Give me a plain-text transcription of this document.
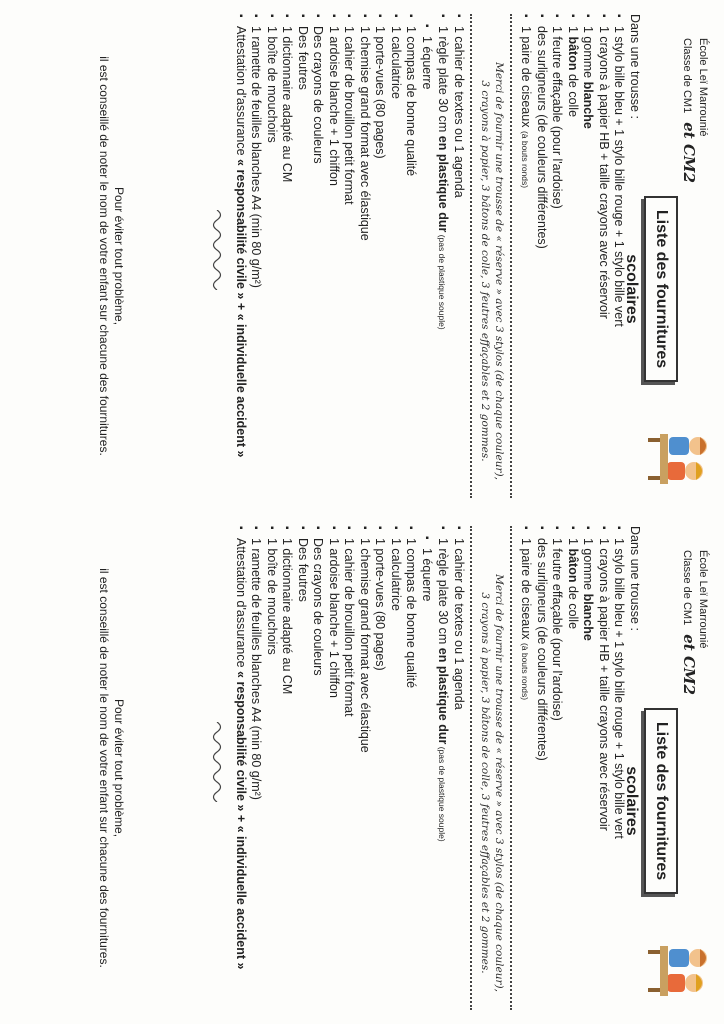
École Leï Marrounié
Classe de CM1 et CM2
Liste des fournitures scolaires
Dans une trousse :
▪ 1 stylo bille bleu + 1 stylo bille rouge + 1 stylo bille vert
▪ 1 crayons à papier HB + taille crayons avec réservoir
▪ 1 gomme blanche
▪ 1 bâton de colle
▪ 1 feutre effaçable (pour l'ardoise)
▪ des surligneurs (de couleurs différentes)
▪ 1 paire de ciseaux (à bouts ronds)
Merci de fournir une trousse de « réserve » avec 3 stylos (de chaque couleur),
3 crayons à papier, 3 bâtons de colle, 3 feutres effaçables et 2 gommes.
▪ 1 cahier de textes ou 1 agenda
▪ 1 règle plate 30 cm en plastique dur (pas de plastique souple)
▪ 1 équerre
▪ 1 compas de bonne qualité
▪ 1 calculatrice
▪ 1 porte-vues (80 pages)
▪ 1 chemise grand format avec élastique
▪ 1 cahier de brouillon petit format
▪ 1 ardoise blanche + 1 chiffon
▪ Des crayons de couleurs
▪ Des feutres
▪ 1 dictionnaire adapté au CM
▪ 1 boîte de mouchoirs
▪ 1 ramette de feuilles blanches A4 (min 80 g/m²)
▪ Attestation d'assurance « responsabilité civile » + « individuelle accident »
Pour éviter tout problème,
il est conseillé de noter le nom de votre enfant sur chacune des fournitures.
École Leï Marrounié
Classe de CM1 et CM2
Liste des fournitures scolaires
Dans une trousse :
▪ 1 stylo bille bleu + 1 stylo bille rouge + 1 stylo bille vert
▪ 1 crayons à papier HB + taille crayons avec réservoir
▪ 1 gomme blanche
▪ 1 bâton de colle
▪ 1 feutre effaçable (pour l'ardoise)
▪ des surligneurs (de couleurs différentes)
▪ 1 paire de ciseaux (à bouts ronds)
Merci de fournir une trousse de « réserve » avec 3 stylos (de chaque couleur),
3 crayons à papier, 3 bâtons de colle, 3 feutres effaçables et 2 gommes.
▪ 1 cahier de textes ou 1 agenda
▪ 1 règle plate 30 cm en plastique dur (pas de plastique souple)
▪ 1 équerre
▪ 1 compas de bonne qualité
▪ 1 calculatrice
▪ 1 porte-vues (80 pages)
▪ 1 chemise grand format avec élastique
▪ 1 cahier de brouillon petit format
▪ 1 ardoise blanche + 1 chiffon
▪ Des crayons de couleurs
▪ Des feutres
▪ 1 dictionnaire adapté au CM
▪ 1 boîte de mouchoirs
▪ 1 ramette de feuilles blanches A4 (min 80 g/m²)
▪ Attestation d'assurance « responsabilité civile » + « individuelle accident »
Pour éviter tout problème,
il est conseillé de noter le nom de votre enfant sur chacune des fournitures.
